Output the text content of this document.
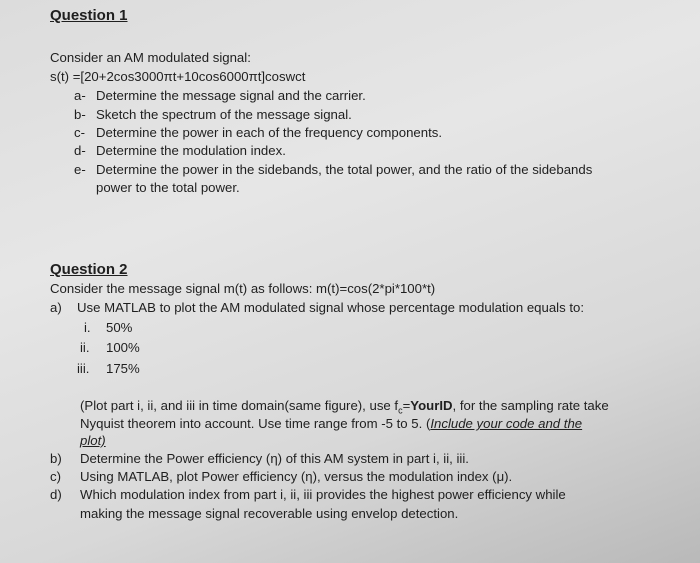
Question 1
Consider an AM modulated signal:
s(t) =[20+2cos3000πt+10cos6000πt]coswct
a- Determine the message signal and the carrier.
b- Sketch the spectrum of the message signal.
c- Determine the power in each of the frequency components.
d- Determine the modulation index.
e- Determine the power in the sidebands, the total power, and the ratio of the sidebands
power to the total power.
Question 2
Consider the message signal m(t) as follows: m(t)=cos(2*pi*100*t)
a) Use MATLAB to plot the AM modulated signal whose percentage modulation equals to:
i. 50%
ii. 100%
iii. 175%
(Plot part i, ii, and iii in time domain(same figure), use $f_c=YourID$, for the sampling rate take
Nyquist theorem into account. Use time range from -5 to 5. (Include your code and the
plot)
b) Determine the Power efficiency (η) of this AM system in part i, ii, iii.
c) Using MATLAB, plot Power efficiency (η), versus the modulation index (μ).
d) Which modulation index from part i, ii, iii provides the highest power efficiency while
making the message signal recoverable using envelop detection.
